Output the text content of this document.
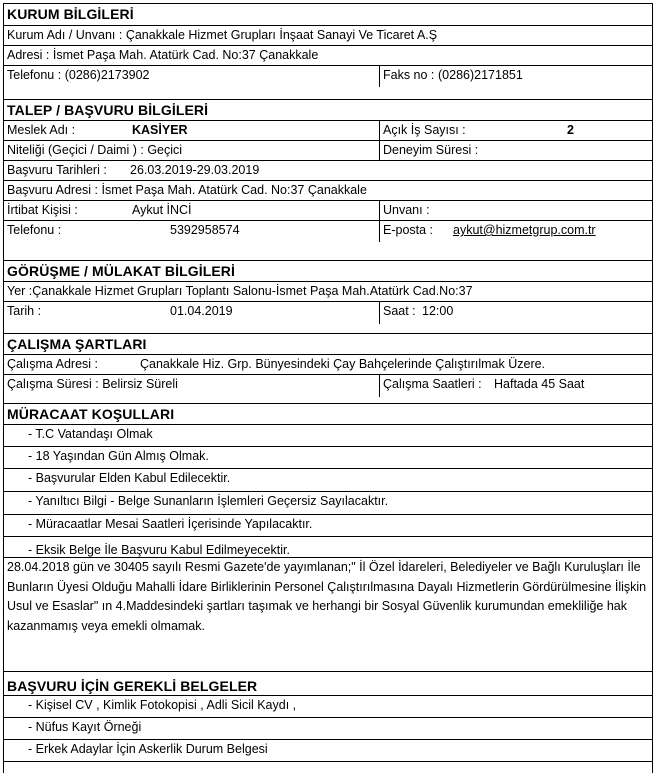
KURUM BİLGİLERİ
Kurum Adı / Unvanı : Çanakkale Hizmet Grupları İnşaat Sanayi Ve Ticaret A.Ş
Adresi : İsmet Paşa Mah. Atatürk Cad. No:37 Çanakkale
Telefonu : (0286)2173902	Faks no : (0286)2171851
TALEP / BAŞVURU BİLGİLERİ
Meslek Adı :	KASİYER	Açık İş Sayısı :	2
Niteliği (Geçici / Daimi ) : Geçici	Deneyim Süresi :
Başvuru Tarihleri : 26.03.2019-29.03.2019
Başvuru Adresi : İsmet Paşa Mah. Atatürk Cad. No:37 Çanakkale
İrtibat Kişisi :	Aykut İNCİ	Unvanı :
Telefonu :	5392958574	E-posta : aykut@hizmetgrup.com.tr
GÖRÜŞME / MÜLAKAT BİLGİLERİ
Yer :Çanakkale Hizmet Grupları Toplantı Salonu-İsmet Paşa Mah.Atatürk Cad.No:37
Tarih :	01.04.2019	Saat : 12:00
ÇALIŞMA ŞARTLARI
Çalışma Adresi :	Çanakkale Hiz. Grp. Bünyesindeki Çay Bahçelerinde Çalıştırılmak Üzere.
Çalışma Süresi : Belirsiz Süreli	Çalışma Saatleri : Haftada 45 Saat
MÜRACAAT KOŞULLARI
- T.C Vatandaşı Olmak
- 18 Yaşından Gün Almış Olmak.
- Başvurular Elden Kabul Edilecektir.
- Yanıltıcı Bilgi - Belge Sunanların İşlemleri Geçersiz Sayılacaktır.
- Müracaatlar Mesai Saatleri İçerisinde Yapılacaktır.
- Eksik Belge İle Başvuru Kabul Edilmeyecektir.
28.04.2018 gün ve 30405 sayılı Resmi Gazete'de yayımlanan;" İl Özel İdareleri, Belediyeler ve Bağlı Kuruluşları İle Bunların Üyesi Olduğu Mahalli İdare Birliklerinin Personel Çalıştırılmasına Dayalı Hizmetlerin Gördürülmesine İlişkin Usul ve Esaslar" ın 4.Maddesindeki şartları taşımak ve herhangi bir Sosyal Güvenlik kurumundan emekliliğe hak kazanmamış veya emekli olmamak.
BAŞVURU İÇİN GEREKLİ BELGELER
- Kişisel CV , Kimlik Fotokopisi , Adli Sicil Kaydı ,
- Nüfus Kayıt Örneği
- Erkek Adaylar İçin Askerlik Durum Belgesi
